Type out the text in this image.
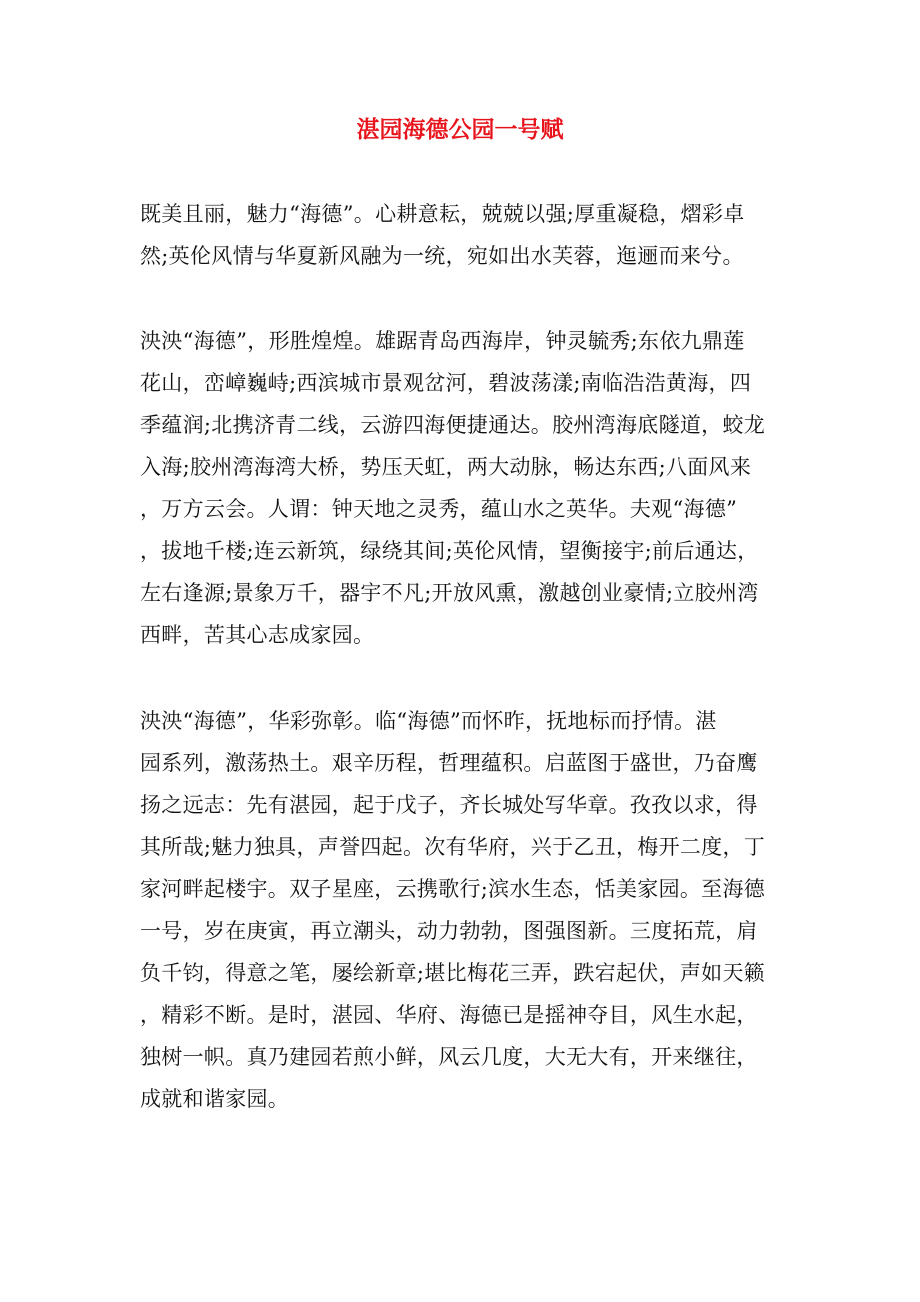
湛园海德公园一号赋
既美且丽，魅力“海德”。心耕意耘，兢兢以强;厚重凝稳，熠彩卓
然;英伦风情与华夏新风融为一统，宛如出水芙蓉，迤逦而来兮。
泱泱“海德”，形胜煌煌。雄踞青岛西海岸，钟灵毓秀;东依九鼎莲
花山，峦嶂巍峙;西滨城市景观岔河，碧波荡漾;南临浩浩黄海，四
季蕴润;北携济青二线，云游四海便捷通达。胶州湾海底隧道，蛟龙
入海;胶州湾海湾大桥，势压天虹，两大动脉，畅达东西;八面风来
，万方云会。人谓：钟天地之灵秀，蕴山水之英华。夫观“海德”
，拔地千楼;连云新筑，绿绕其间;英伦风情，望衡接宇;前后通达，
左右逢源;景象万千，器宇不凡;开放风熏，激越创业豪情;立胶州湾
西畔，苦其心志成家园。
泱泱“海德”，华彩弥彰。临“海德”而怀昨，抚地标而抒情。湛
园系列，激荡热土。艰辛历程，哲理蕴积。启蓝图于盛世，乃奋鹰
扬之远志：先有湛园，起于戊子，齐长城处写华章。孜孜以求，得
其所哉;魅力独具，声誉四起。次有华府，兴于乙丑，梅开二度，丁
家河畔起楼宇。双子星座，云携歌行;滨水生态，恬美家园。至海德
一号，岁在庚寅，再立潮头，动力勃勃，图强图新。三度拓荒，肩
负千钧，得意之笔，屡绘新章;堪比梅花三弄，跌宕起伏，声如天籁
，精彩不断。是时，湛园、华府、海德已是摇神夺目，风生水起，
独树一帜。真乃建园若煎小鲜，风云几度，大无大有，开来继往，
成就和谐家园。
